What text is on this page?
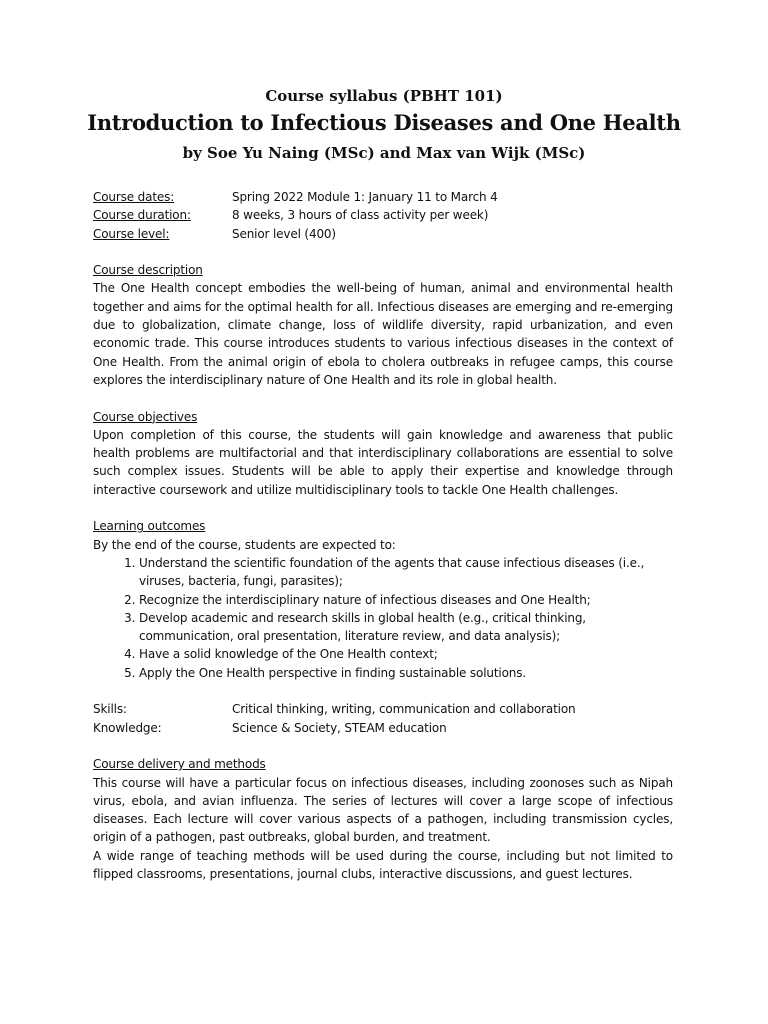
Course syllabus (PBHT 101)
Introduction to Infectious Diseases and One Health
by Soe Yu Naing (MSc) and Max van Wijk (MSc)
Course dates:	Spring 2022 Module 1: January 11 to March 4
Course duration:	8 weeks, 3 hours of class activity per week)
Course level:	Senior level (400)
Course description
The One Health concept embodies the well-being of human, animal and environmental health together and aims for the optimal health for all. Infectious diseases are emerging and re-emerging due to globalization, climate change, loss of wildlife diversity, rapid urbanization, and even economic trade. This course introduces students to various infectious diseases in the context of One Health. From the animal origin of ebola to cholera outbreaks in refugee camps, this course explores the interdisciplinary nature of One Health and its role in global health.
Course objectives
Upon completion of this course, the students will gain knowledge and awareness that public health problems are multifactorial and that interdisciplinary collaborations are essential to solve such complex issues. Students will be able to apply their expertise and knowledge through interactive coursework and utilize multidisciplinary tools to tackle One Health challenges.
Learning outcomes
By the end of the course, students are expected to:
1. Understand the scientific foundation of the agents that cause infectious diseases (i.e., viruses, bacteria, fungi, parasites);
2. Recognize the interdisciplinary nature of infectious diseases and One Health;
3. Develop academic and research skills in global health (e.g., critical thinking, communication, oral presentation, literature review, and data analysis);
4. Have a solid knowledge of the One Health context;
5. Apply the One Health perspective in finding sustainable solutions.
Skills:	Critical thinking, writing, communication and collaboration
Knowledge:	Science & Society, STEAM education
Course delivery and methods
This course will have a particular focus on infectious diseases, including zoonoses such as Nipah virus, ebola, and avian influenza. The series of lectures will cover a large scope of infectious diseases. Each lecture will cover various aspects of a pathogen, including transmission cycles, origin of a pathogen, past outbreaks, global burden, and treatment.
A wide range of teaching methods will be used during the course, including but not limited to flipped classrooms, presentations, journal clubs, interactive discussions, and guest lectures.
